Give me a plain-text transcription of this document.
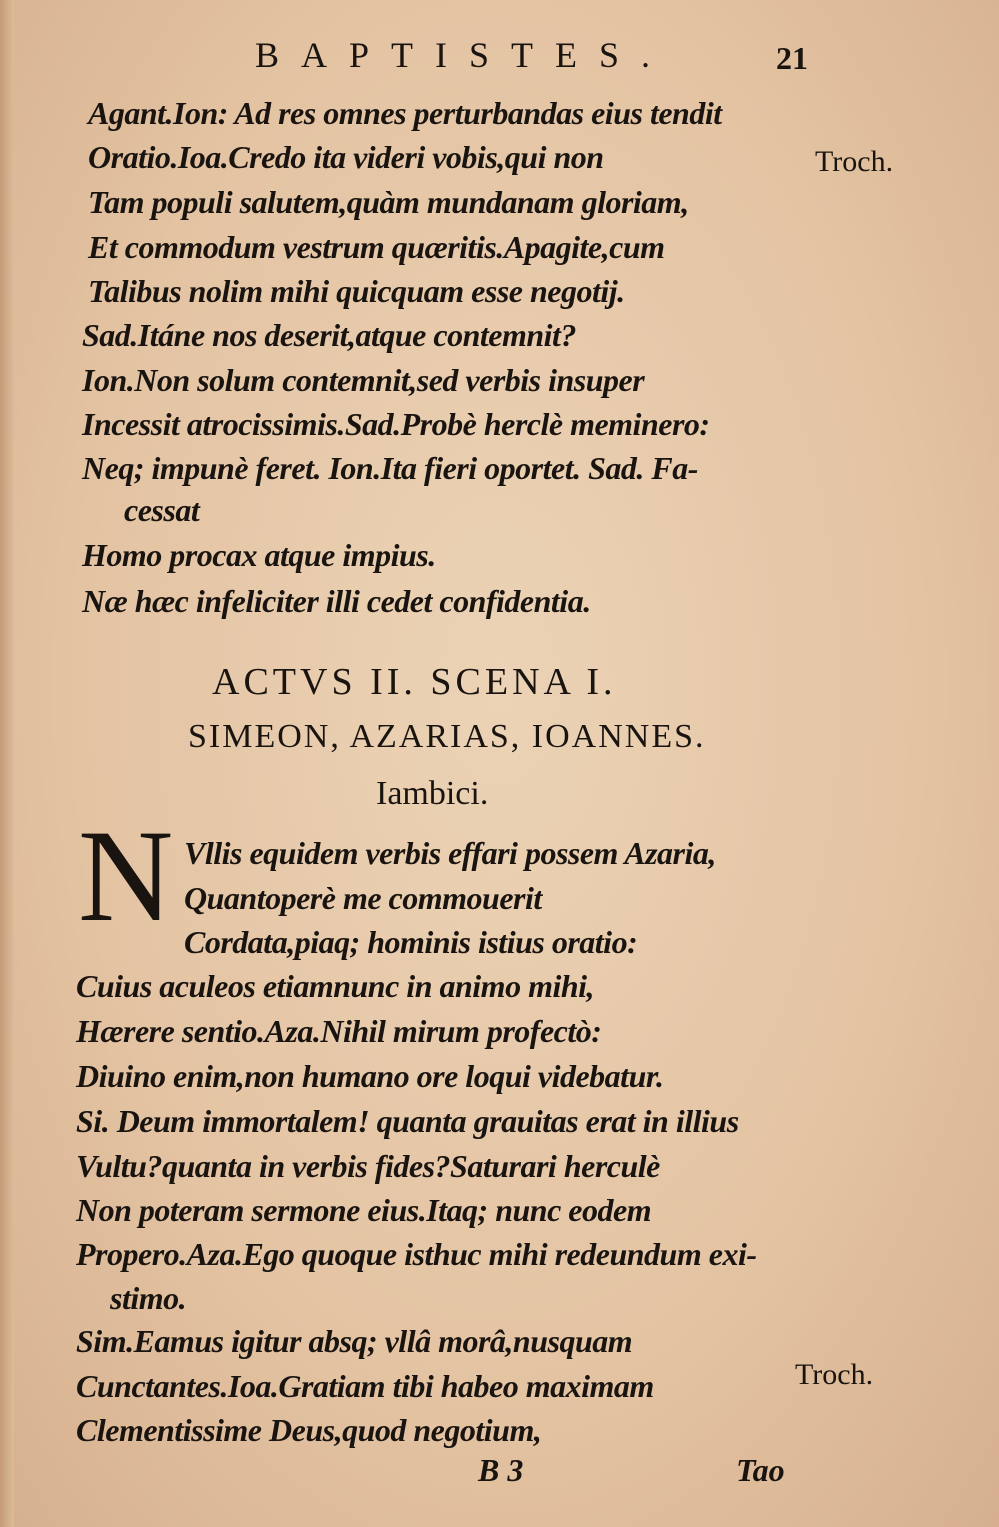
BAPTISTES.	21
Agant.Ion: Ad res omnes perturbandas eius tendit
Oratio.Ioa.Credo ita videri vobis,qui non
Tam populi salutem,quàm mundanam gloriam,
Et commodum vestrum quæritis.Apagite,cum
Talibus nolim mihi quicquam esse negotij.
Sad.Itáne nos deserit,atque contemnit?
Ion.Non solum contemnit,sed verbis insuper
Incessit atrocissimis.Sad.Probè herclè meminero:
Neq; impunè feret. Ion.Ita fieri oportet. Sad. Fa-
cessat
Homo procax atque impius.
Næ hæc infeliciter illi cedet confidentia.
Troch.
ACTVS II. SCENA I.
SIMEON, AZARIAS, IOANNES.
Iambici.
N Vllis equidem verbis effari possem Azaria,
Quantoperè me commouerit
Cordata,piaq; hominis istius oratio:
Cuius aculeos etiamnunc in animo mihi,
Hærere sentio.Aza.Nihil mirum profectò:
Diuino enim,non humano ore loqui videbatur.
Si. Deum immortalem! quanta grauitas erat in illius
Vultu?quanta in verbis fides?Saturari herculè
Non poteram sermone eius.Itaq; nunc eodem
Propero.Aza.Ego quoque isthuc mihi redeundum exi-
stimo.
Sim.Eamus igitur absq; vllâ morâ,nusquam
Cunctantes.Ioa.Gratiam tibi habeo maximam
Clementissime Deus,quod negotium,
Troch.
B 3	Tao
